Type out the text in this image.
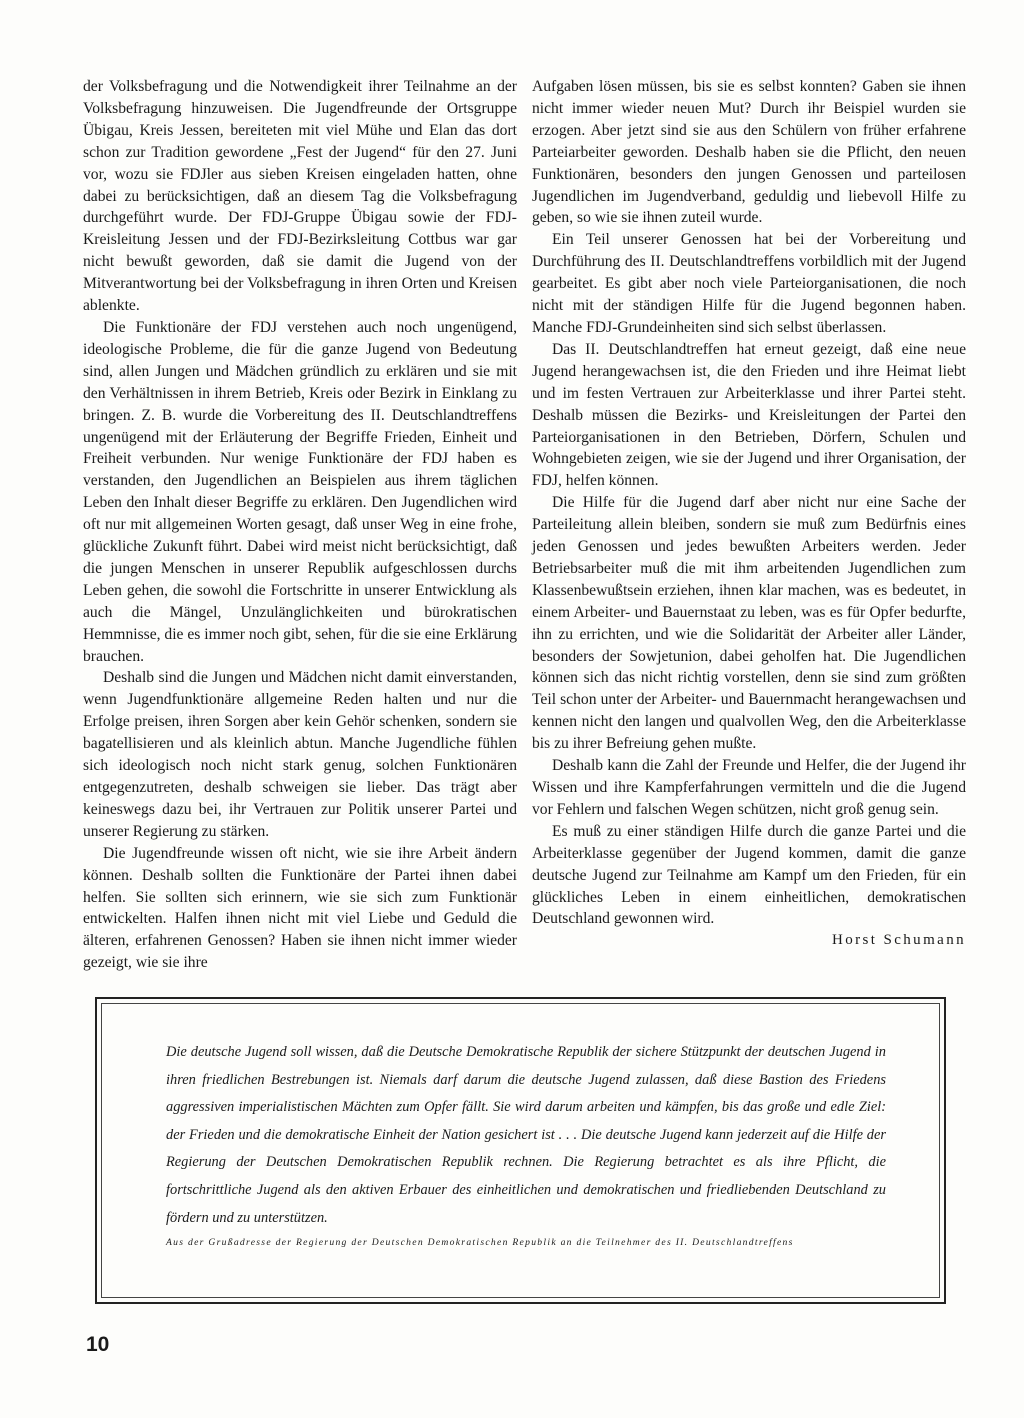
der Volksbefragung und die Notwendigkeit ihrer Teilnahme an der Volksbefragung hinzuweisen. Die Jugendfreunde der Ortsgruppe Übigau, Kreis Jessen, bereiteten mit viel Mühe und Elan das dort schon zur Tradition gewordene „Fest der Jugend“ für den 27. Juni vor, wozu sie FDJler aus sieben Kreisen eingeladen hatten, ohne dabei zu berücksichtigen, daß an diesem Tag die Volksbefragung durchgeführt wurde. Der FDJ-Gruppe Übigau sowie der FDJ-Kreisleitung Jessen und der FDJ-Bezirksleitung Cottbus war gar nicht bewußt geworden, daß sie damit die Jugend von der Mitverantwortung bei der Volksbefragung in ihren Orten und Kreisen ablenkte.

Die Funktionäre der FDJ verstehen auch noch ungenügend, ideologische Probleme, die für die ganze Jugend von Bedeutung sind, allen Jungen und Mädchen gründlich zu erklären und sie mit den Verhältnissen in ihrem Betrieb, Kreis oder Bezirk in Einklang zu bringen. Z. B. wurde die Vorbereitung des II. Deutschlandtreffens ungenügend mit der Erläuterung der Begriffe Frieden, Einheit und Freiheit verbunden. Nur wenige Funktionäre der FDJ haben es verstanden, den Jugendlichen an Beispielen aus ihrem täglichen Leben den Inhalt dieser Begriffe zu erklären. Den Jugendlichen wird oft nur mit allgemeinen Worten gesagt, daß unser Weg in eine frohe, glückliche Zukunft führt. Dabei wird meist nicht berücksichtigt, daß die jungen Menschen in unserer Republik aufgeschlossen durchs Leben gehen, die sowohl die Fortschritte in unserer Entwicklung als auch die Mängel, Unzulänglichkeiten und bürokratischen Hemmnisse, die es immer noch gibt, sehen, für die sie eine Erklärung brauchen.

Deshalb sind die Jungen und Mädchen nicht damit einverstanden, wenn Jugendfunktionäre allgemeine Reden halten und nur die Erfolge preisen, ihren Sorgen aber kein Gehör schenken, sondern sie bagatellisieren und als kleinlich abtun. Manche Jugendliche fühlen sich ideologisch noch nicht stark genug, solchen Funktionären entgegenzutreten, deshalb schweigen sie lieber. Das trägt aber keineswegs dazu bei, ihr Vertrauen zur Politik unserer Partei und unserer Regierung zu stärken.

Die Jugendfreunde wissen oft nicht, wie sie ihre Arbeit ändern können. Deshalb sollten die Funktionäre der Partei ihnen dabei helfen. Sie sollten sich erinnern, wie sie sich zum Funktionär entwickelten. Halfen ihnen nicht mit viel Liebe und Geduld die älteren, erfahrenen Genossen? Haben sie ihnen nicht immer wieder gezeigt, wie sie ihre

Aufgaben lösen müssen, bis sie es selbst konnten? Gaben sie ihnen nicht immer wieder neuen Mut? Durch ihr Beispiel wurden sie erzogen. Aber jetzt sind sie aus den Schülern von früher erfahrene Parteiarbeiter geworden. Deshalb haben sie die Pflicht, den neuen Funktionären, besonders den jungen Genossen und parteilosen Jugendlichen im Jugendverband, geduldig und liebevoll Hilfe zu geben, so wie sie ihnen zuteil wurde.

Ein Teil unserer Genossen hat bei der Vorbereitung und Durchführung des II. Deutschlandtreffens vorbildlich mit der Jugend gearbeitet. Es gibt aber noch viele Parteiorganisationen, die noch nicht mit der ständigen Hilfe für die Jugend begonnen haben. Manche FDJ-Grundeinheiten sind sich selbst überlassen.

Das II. Deutschlandtreffen hat erneut gezeigt, daß eine neue Jugend herangewachsen ist, die den Frieden und ihre Heimat liebt und im festen Vertrauen zur Arbeiterklasse und ihrer Partei steht. Deshalb müssen die Bezirks- und Kreisleitungen der Partei den Parteiorganisationen in den Betrieben, Dörfern, Schulen und Wohngebieten zeigen, wie sie der Jugend und ihrer Organisation, der FDJ, helfen können.

Die Hilfe für die Jugend darf aber nicht nur eine Sache der Parteileitung allein bleiben, sondern sie muß zum Bedürfnis eines jeden Genossen und jedes bewußten Arbeiters werden. Jeder Betriebsarbeiter muß die mit ihm arbeitenden Jugendlichen zum Klassenbewußtsein erziehen, ihnen klar machen, was es bedeutet, in einem Arbeiter- und Bauernstaat zu leben, was es für Opfer bedurfte, ihn zu errichten, und wie die Solidarität der Arbeiter aller Länder, besonders der Sowjetunion, dabei geholfen hat. Die Jugendlichen können sich das nicht richtig vorstellen, denn sie sind zum größten Teil schon unter der Arbeiter- und Bauernmacht herangewachsen und kennen nicht den langen und qualvollen Weg, den die Arbeiterklasse bis zu ihrer Befreiung gehen mußte.

Deshalb kann die Zahl der Freunde und Helfer, die der Jugend ihr Wissen und ihre Kampferfahrungen vermitteln und die die Jugend vor Fehlern und falschen Wegen schützen, nicht groß genug sein.

Es muß zu einer ständigen Hilfe durch die ganze Partei und die Arbeiterklasse gegenüber der Jugend kommen, damit die ganze deutsche Jugend zur Teilnahme am Kampf um den Frieden, für ein glückliches Leben in einem einheitlichen, demokratischen Deutschland gewonnen wird.

Horst Schumann

Die deutsche Jugend soll wissen, daß die Deutsche Demokratische Republik der sichere Stützpunkt der deutschen Jugend in ihren friedlichen Bestrebungen ist. Niemals darf darum die deutsche Jugend zulassen, daß diese Bastion des Friedens aggressiven imperialistischen Mächten zum Opfer fällt. Sie wird darum arbeiten und kämpfen, bis das große und edle Ziel: der Frieden und die demokratische Einheit der Nation gesichert ist . . . Die deutsche Jugend kann jederzeit auf die Hilfe der Regierung der Deutschen Demokratischen Republik rechnen. Die Regierung betrachtet es als ihre Pflicht, die fortschrittliche Jugend als den aktiven Erbauer des einheitlichen und demokratischen und friedliebenden Deutschland zu fördern und zu unterstützen.

Aus der Grußadresse der Regierung der Deutschen Demokratischen Republik an die Teilnehmer des II. Deutschlandtreffens

10
